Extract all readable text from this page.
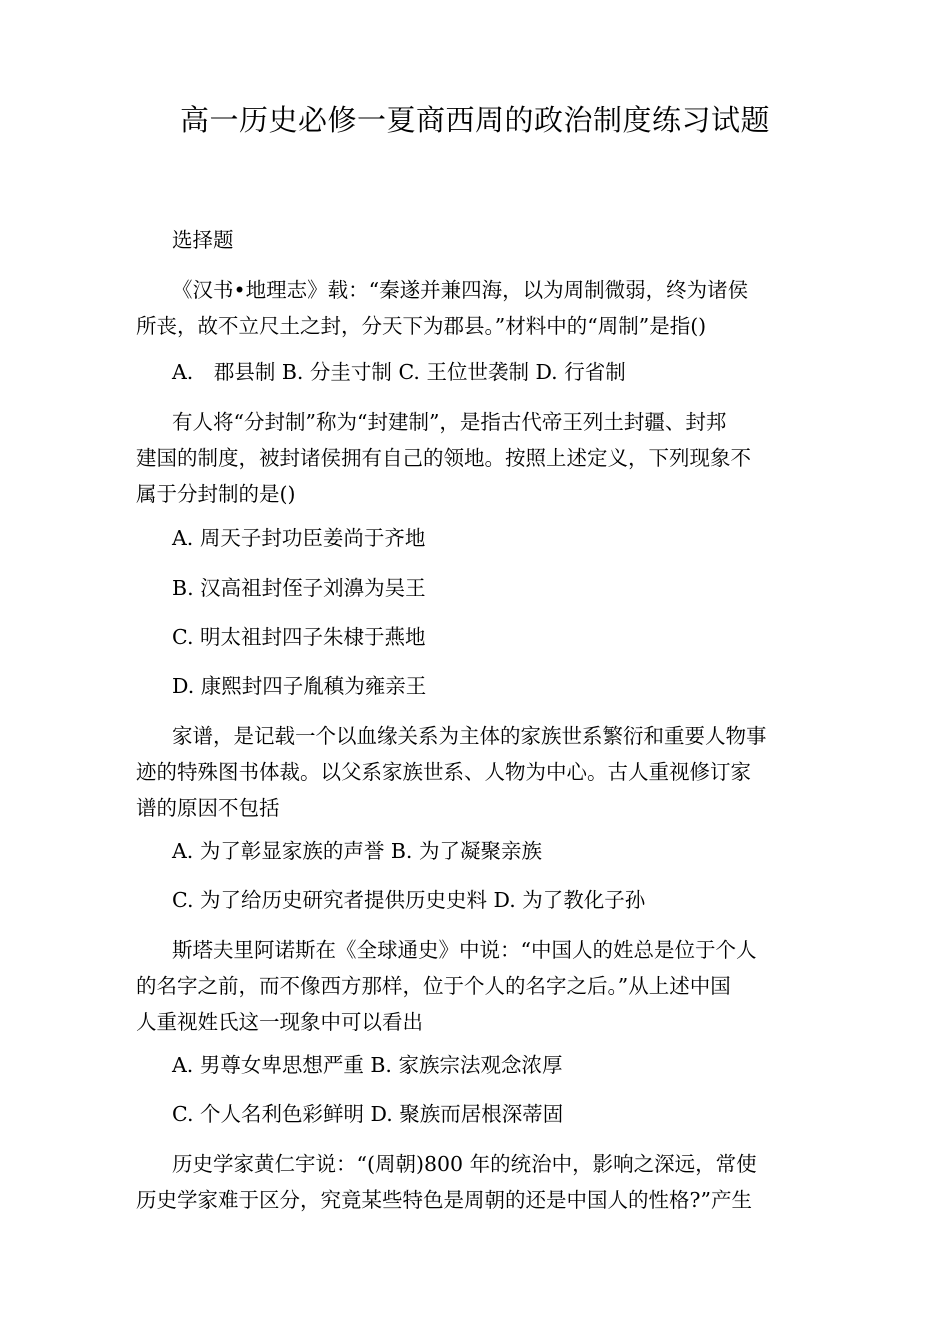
高一历史必修一夏商西周的政治制度练习试题

选择题

《汉书•地理志》载：“秦遂并兼四海，以为周制微弱，终为诸侯
所丧，故不立尺土之封，分天下为郡县。”材料中的“周制”是指()

A.　郡县制 B. 分圭寸制 C. 王位世袭制 D. 行省制

有人将“分封制”称为“封建制”，是指古代帝王列土封疆、封邦
建国的制度，被封诸侯拥有自己的领地。按照上述定义，下列现象不
属于分封制的是()

A. 周天子封功臣姜尚于齐地

B. 汉高祖封侄子刘濞为吴王

C. 明太祖封四子朱棣于燕地

D. 康熙封四子胤稹为雍亲王

家谱，是记载一个以血缘关系为主体的家族世系繁衍和重要人物事
迹的特殊图书体裁。以父系家族世系、人物为中心。古人重视修订家
谱的原因不包括

A. 为了彰显家族的声誉 B. 为了凝聚亲族

C. 为了给历史研究者提供历史史料 D. 为了教化子孙

斯塔夫里阿诺斯在《全球通史》中说：“中国人的姓总是位于个人
的名字之前，而不像西方那样，位于个人的名字之后。”从上述中国
人重视姓氏这一现象中可以看出

A. 男尊女卑思想严重 B. 家族宗法观念浓厚

C. 个人名利色彩鲜明 D. 聚族而居根深蒂固

历史学家黄仁宇说：“(周朝)800 年的统治中，影响之深远，常使
历史学家难于区分，究竟某些特色是周朝的还是中国人的性格?”产生
